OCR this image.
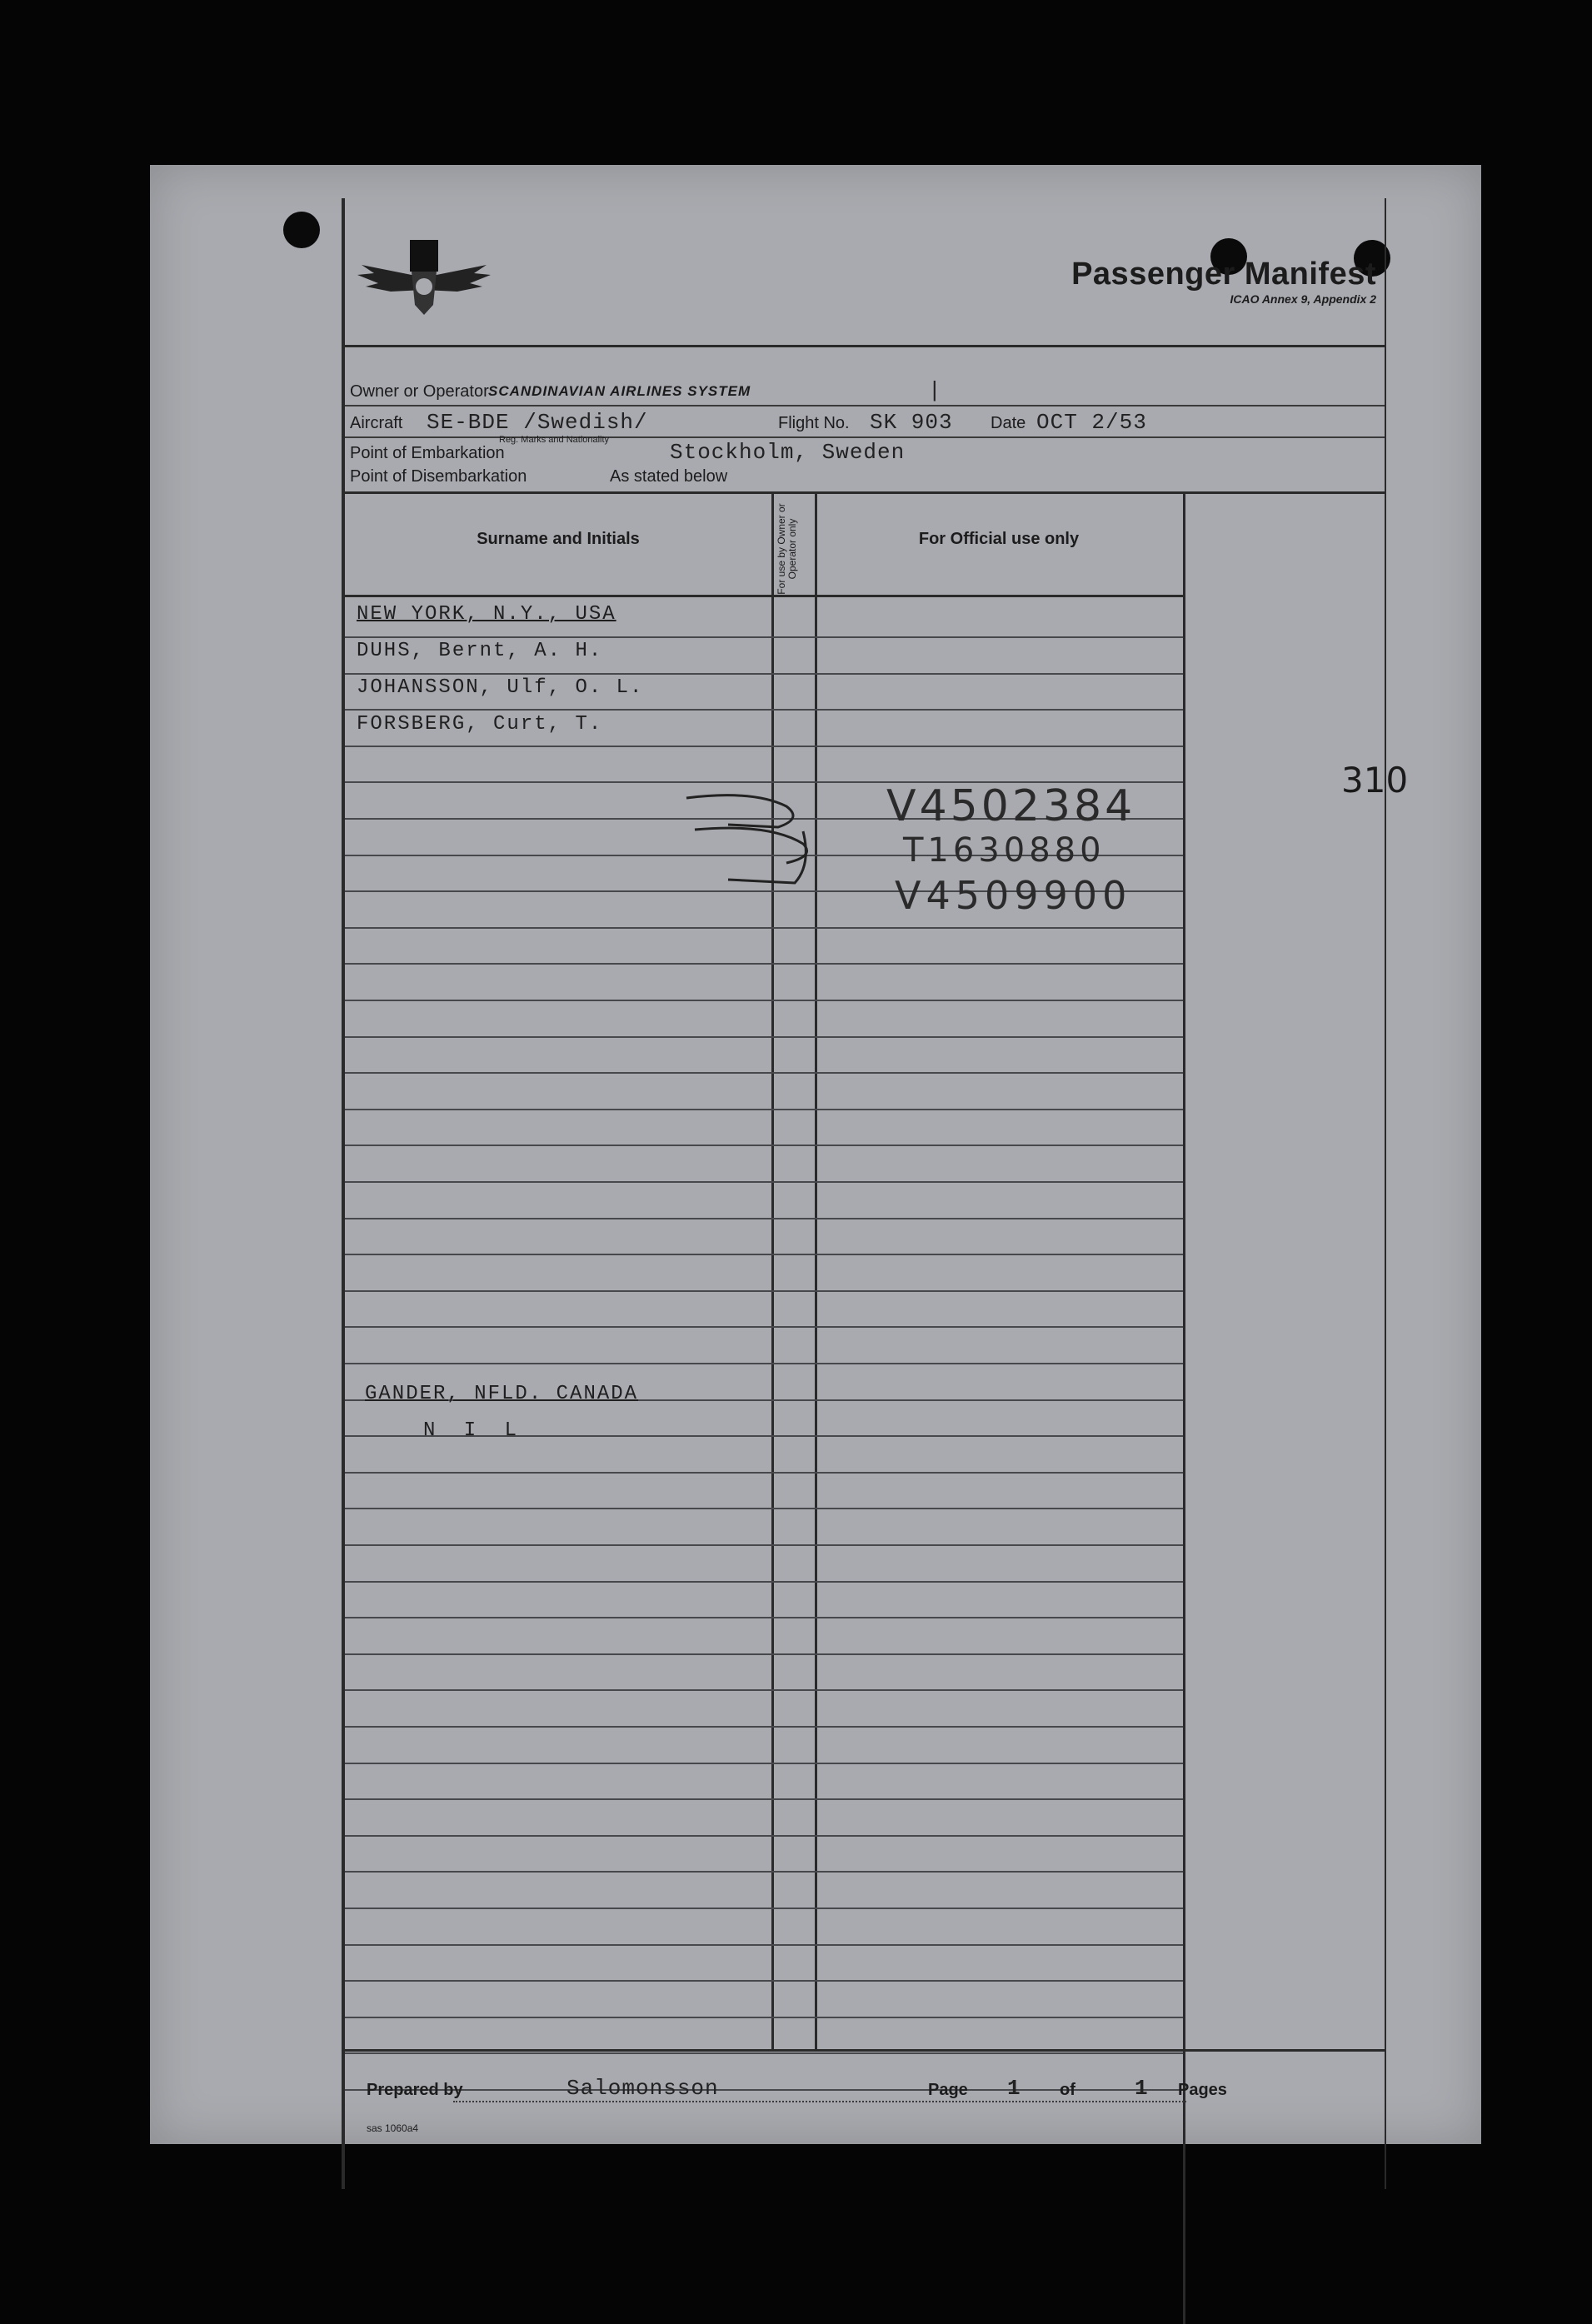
Passenger Manifest
ICAO Annex 9, Appendix 2
Owner or Operator SCANDINAVIAN AIRLINES SYSTEM	|
Aircraft SE-BDE /Swedish/
Reg. Marks and Nationality
Flight No. SK 903 Date OCT 2/53
Point of Embarkation	Stockholm, Sweden
Point of Disembarkation	As stated below
Surname and Initials	For use by Owner or Operator only	For Official use only
NEW YORK, N.Y., USA
DUHS, Bernt, A. H.
JOHANSSON, Ulf, O. L.
FORSBERG, Curt, T.
GANDER, NFLD. CANADA
N I L
V4502384
T1630880
V4509900
Prepared by	Salomonsson	Page 1 of	1 Pages
sas 1060a4
310
